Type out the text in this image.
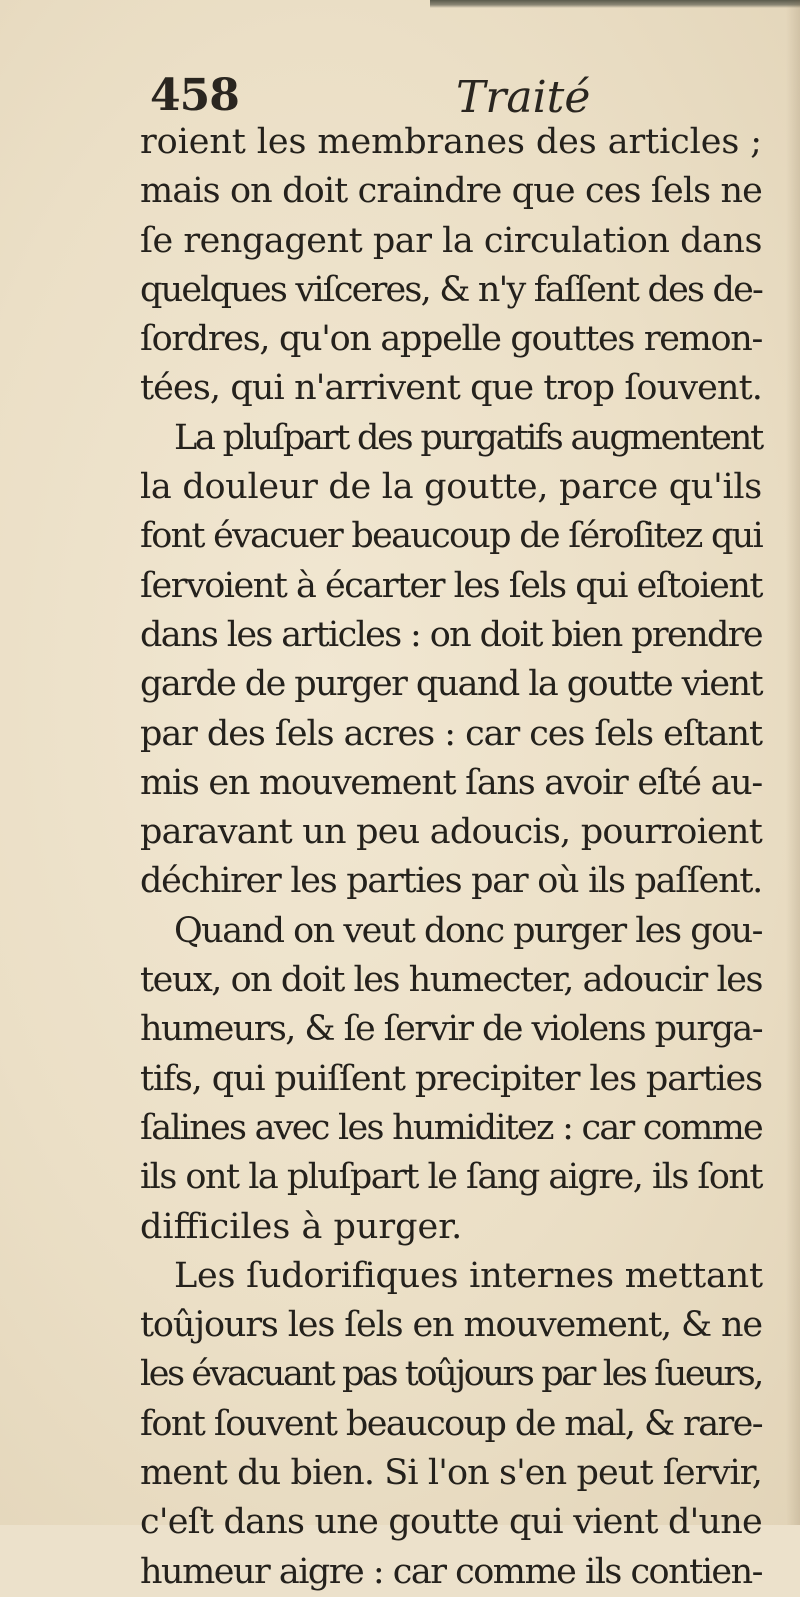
458	Traité
roient les membranes des articles ;
mais on doit craindre que ces ſels ne
ſe rengagent par la circulation dans
quelques viſceres, & n'y faſſent des de-
ſordres, qu'on appelle gouttes remon-
tées, qui n'arrivent que trop ſouvent.
La pluſpart des purgatifs augmentent
la douleur de la goutte, parce qu'ils
font évacuer beaucoup de ſéroſitez qui
ſervoient à écarter les ſels qui eſtoient
dans les articles : on doit bien prendre
garde de purger quand la goutte vient
par des ſels acres : car ces ſels eſtant
mis en mouvement ſans avoir eſté au-
paravant un peu adoucis, pourroient
déchirer les parties par où ils paſſent.
Quand on veut donc purger les gou-
teux, on doit les humecter, adoucir les
humeurs, & ſe ſervir de violens purga-
tifs, qui puiſſent precipiter les parties
ſalines avec les humiditez : car comme
ils ont la pluſpart le ſang aigre, ils ſont
difficiles à purger.
Les ſudorifiques internes mettant
toûjours les ſels en mouvement, & ne
les évacuant pas toûjours par les ſueurs,
font ſouvent beaucoup de mal, & rare-
ment du bien. Si l'on s'en peut ſervir,
c'eſt dans une goutte qui vient d'une
humeur aigre : car comme ils contien-
